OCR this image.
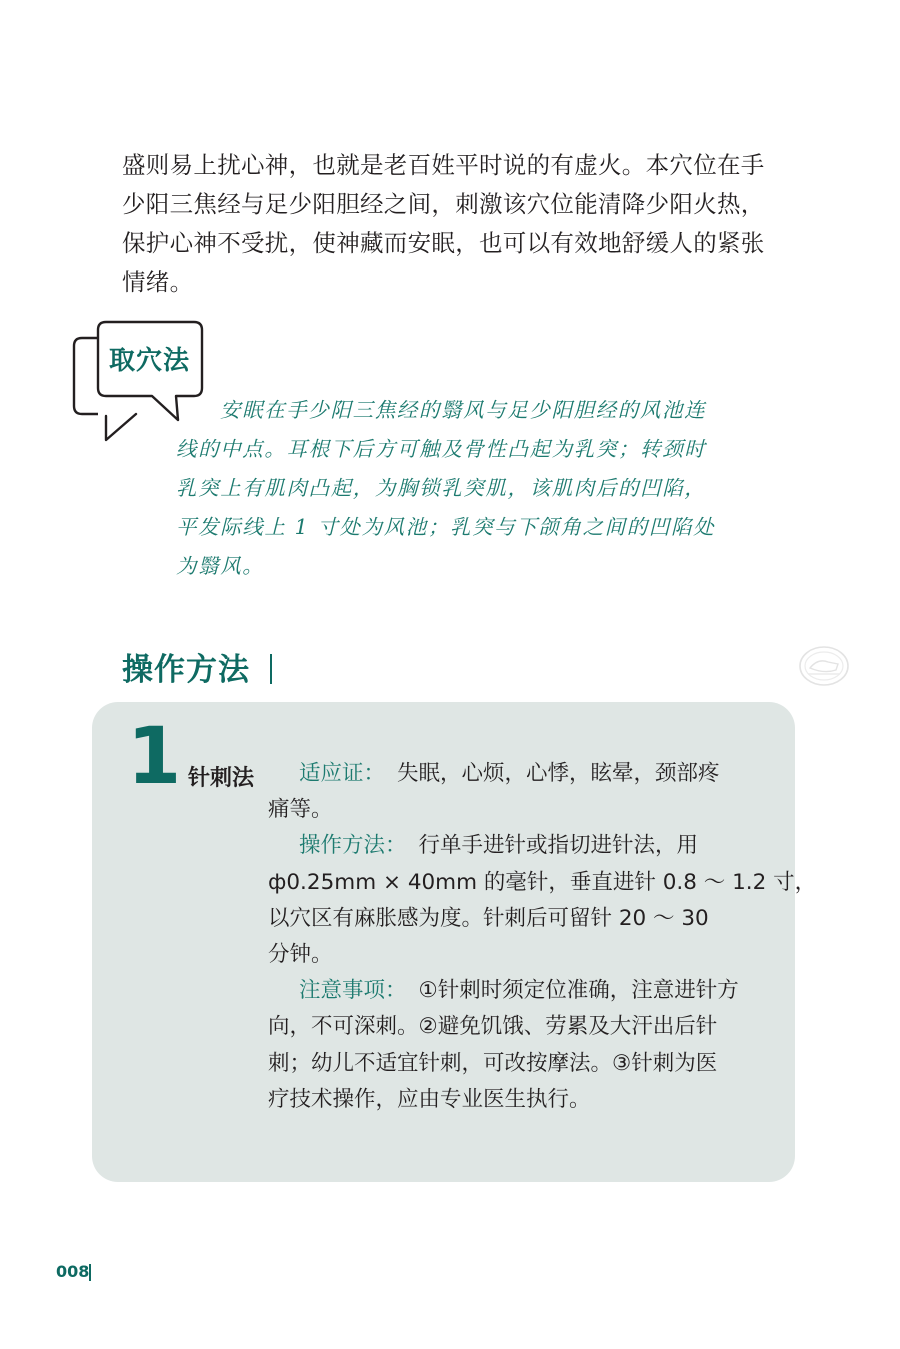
盛则易上扰心神，也就是老百姓平时说的有虚火。本穴位在手
少阳三焦经与足少阳胆经之间，刺激该穴位能清降少阳火热，
保护心神不受扰，使神藏而安眠，也可以有效地舒缓人的紧张
情绪。
取穴法
安眠在手少阳三焦经的翳风与足少阳胆经的风池连
线的中点。耳根下后方可触及骨性凸起为乳突；转颈时
乳突上有肌肉凸起，为胸锁乳突肌，该肌肉后的凹陷，
平发际线上 1 寸处为风池；乳突与下颌角之间的凹陷处
为翳风。
操作方法
1 针刺法 适应证： 失眠，心烦，心悸，眩晕，颈部疼
痛等。
操作方法： 行单手进针或指切进针法，用
ф0.25mm × 40mm 的毫针，垂直进针 0.8 ～ 1.2 寸，
以穴区有麻胀感为度。针刺后可留针 20 ～ 30
分钟。
注意事项： ①针刺时须定位准确，注意进针方
向，不可深刺。②避免饥饿、劳累及大汗出后针
刺；幼儿不适宜针刺，可改按摩法。③针刺为医
疗技术操作，应由专业医生执行。
008
